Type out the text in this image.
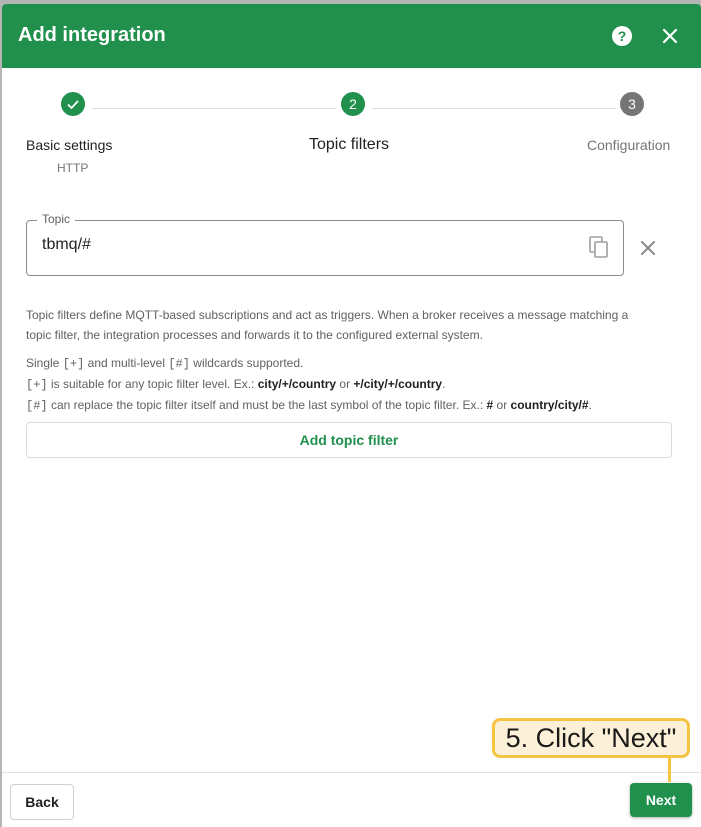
Add integration	?
Basic settings
HTTP
2
Topic filters
3
Configuration
Topic
tbmq/#
Topic filters define MQTT-based subscriptions and act as triggers. When a broker receives a message matching a
topic filter, the integration processes and forwards it to the configured external system.
Single [+] and multi-level [#] wildcards supported.
[+] is suitable for any topic filter level. Ex.: city/+/country or +/city/+/country.
[#] can replace the topic filter itself and must be the last symbol of the topic filter. Ex.: # or country/city/#.
Add topic filter
Back	Next
5. Click "Next"
